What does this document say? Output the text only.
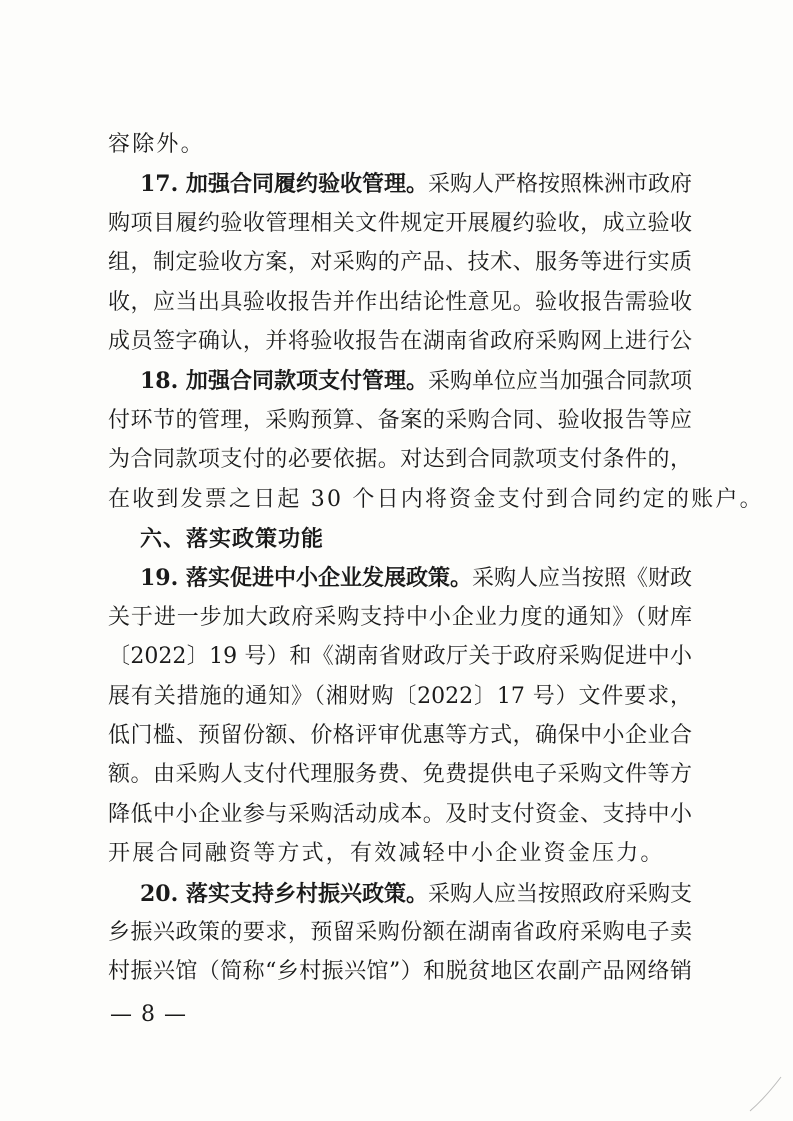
容除外。
17. 加强合同履约验收管理。采购人严格按照株洲市政府
购项目履约验收管理相关文件规定开展履约验收，成立验收
组，制定验收方案，对采购的产品、技术、服务等进行实质
收，应当出具验收报告并作出结论性意见。验收报告需验收
成员签字确认，并将验收报告在湖南省政府采购网上进行公
18. 加强合同款项支付管理。采购单位应当加强合同款项
付环节的管理，采购预算、备案的采购合同、验收报告等应
为合同款项支付的必要依据。对达到合同款项支付条件的，
在收到发票之日起 30 个日内将资金支付到合同约定的账户。
六、落实政策功能
19. 落实促进中小企业发展政策。采购人应当按照《财政
关于进一步加大政府采购支持中小企业力度的通知》（财库
〔2022〕19 号）和《湖南省财政厅关于政府采购促进中小
展有关措施的通知》（湘财购〔2022〕17 号）文件要求，
低门槛、预留份额、价格评审优惠等方式，确保中小企业合
额。由采购人支付代理服务费、免费提供电子采购文件等方
降低中小企业参与采购活动成本。及时支付资金、支持中小
开展合同融资等方式，有效减轻中小企业资金压力。
20. 落实支持乡村振兴政策。采购人应当按照政府采购支
乡振兴政策的要求，预留采购份额在湖南省政府采购电子卖
村振兴馆（简称“乡村振兴馆”）和脱贫地区农副产品网络销
— 8 —
